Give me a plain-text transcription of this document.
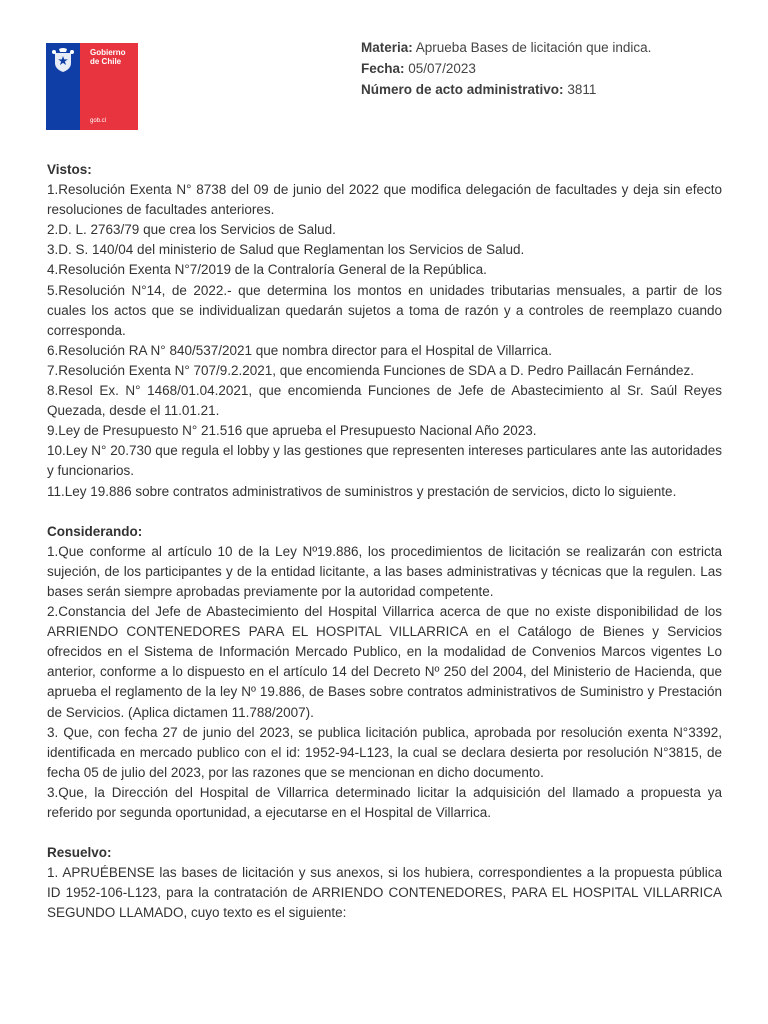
Gobierno
de Chile
gob.cl
Materia: Aprueba Bases de licitación que indica.
Fecha: 05/07/2023
Número de acto administrativo: 3811
Vistos:
1.Resolución Exenta N° 8738 del 09 de junio del 2022 que modifica delegación de facultades y deja sin efecto resoluciones de facultades anteriores.
2.D. L. 2763/79 que crea los Servicios de Salud.
3.D. S. 140/04 del ministerio de Salud que Reglamentan los Servicios de Salud.
4.Resolución Exenta N°7/2019 de la Contraloría General de la República.
5.Resolución N°14, de 2022.- que determina los montos en unidades tributarias mensuales, a partir de los cuales los actos que se individualizan quedarán sujetos a toma de razón y a controles de reemplazo cuando corresponda.
6.Resolución RA N° 840/537/2021 que nombra director para el Hospital de Villarrica.
7.Resolución Exenta N° 707/9.2.2021, que encomienda Funciones de SDA a D. Pedro Paillacán Fernández.
8.Resol Ex. N° 1468/01.04.2021, que encomienda Funciones de Jefe de Abastecimiento al Sr. Saúl Reyes Quezada, desde el 11.01.21.
9.Ley de Presupuesto N° 21.516 que aprueba el Presupuesto Nacional Año 2023.
10.Ley N° 20.730 que regula el lobby y las gestiones que representen intereses particulares ante las autoridades y funcionarios.
11.Ley 19.886 sobre contratos administrativos de suministros y prestación de servicios, dicto lo siguiente.
Considerando:
1.Que conforme al artículo 10 de la Ley Nº19.886, los procedimientos de licitación se realizarán con estricta sujeción, de los participantes y de la entidad licitante, a las bases administrativas y técnicas que la regulen. Las bases serán siempre aprobadas previamente por la autoridad competente.
2.Constancia del Jefe de Abastecimiento del Hospital Villarrica acerca de que no existe disponibilidad de los ARRIENDO CONTENEDORES PARA EL HOSPITAL VILLARRICA en el Catálogo de Bienes y Servicios ofrecidos en el Sistema de Información Mercado Publico, en la modalidad de Convenios Marcos vigentes Lo anterior, conforme a lo dispuesto en el artículo 14 del Decreto Nº 250 del 2004, del Ministerio de Hacienda, que aprueba el reglamento de la ley Nº 19.886, de Bases sobre contratos administrativos de Suministro y Prestación de Servicios. (Aplica dictamen 11.788/2007).
3. Que, con fecha 27 de junio del 2023, se publica licitación publica, aprobada por resolución exenta N°3392, identificada en mercado publico con el id: 1952-94-L123, la cual se declara desierta por resolución N°3815, de fecha 05 de julio del 2023, por las razones que se mencionan en dicho documento.
3.Que, la Dirección del Hospital de Villarrica determinado licitar la adquisición del llamado a propuesta ya referido por segunda oportunidad, a ejecutarse en el Hospital de Villarrica.
Resuelvo:
1. APRUÉBENSE las bases de licitación y sus anexos, si los hubiera, correspondientes a la propuesta pública ID 1952-106-L123, para la contratación de ARRIENDO CONTENEDORES, PARA EL HOSPITAL VILLARRICA SEGUNDO LLAMADO, cuyo texto es el siguiente:
